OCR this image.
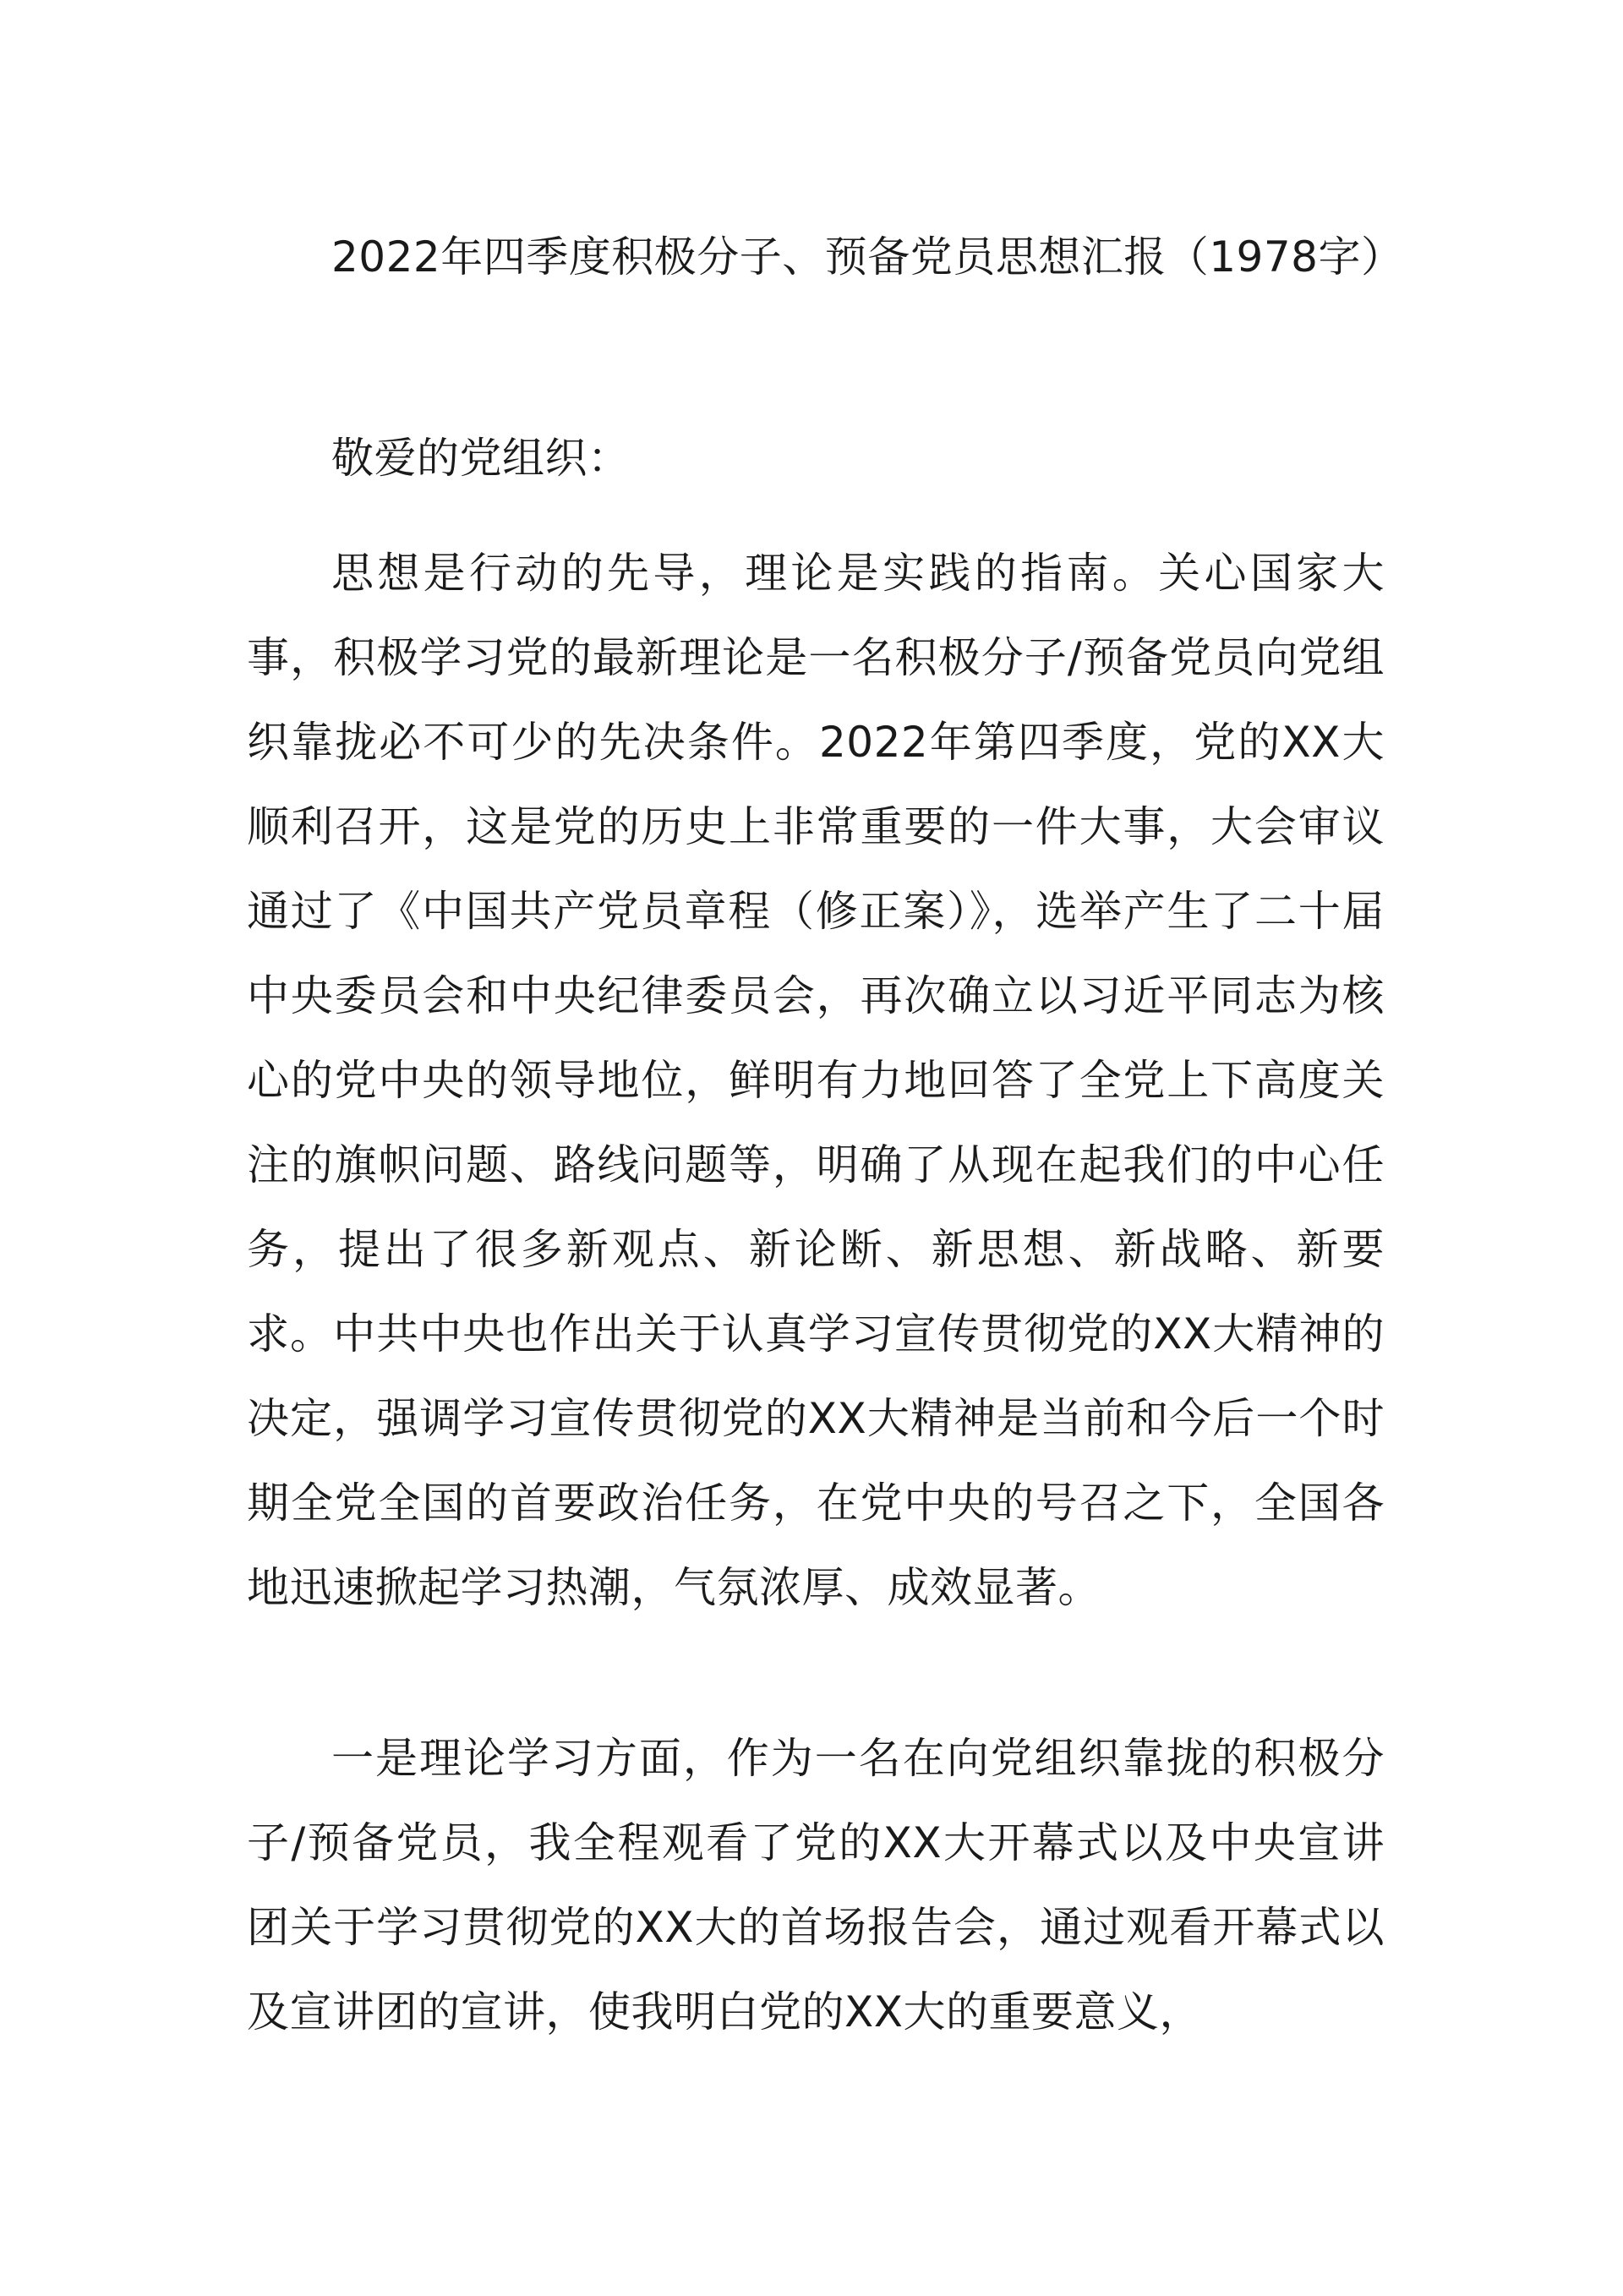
2022年四季度积极分子、预备党员思想汇报（1978字）

敬爱的党组织：

思想是行动的先导，理论是实践的指南。关心国家大事，积极学习党的最新理论是一名积极分子/预备党员向党组织靠拢必不可少的先决条件。2022年第四季度，党的XX大顺利召开，这是党的历史上非常重要的一件大事，大会审议通过了《中国共产党员章程（修正案）》，选举产生了二十届中央委员会和中央纪律委员会，再次确立以习近平同志为核心的党中央的领导地位，鲜明有力地回答了全党上下高度关注的旗帜问题、路线问题等，明确了从现在起我们的中心任务，提出了很多新观点、新论断、新思想、新战略、新要求。中共中央也作出关于认真学习宣传贯彻党的XX大精神的决定，强调学习宣传贯彻党的XX大精神是当前和今后一个时期全党全国的首要政治任务，在党中央的号召之下，全国各地迅速掀起学习热潮，气氛浓厚、成效显著。

一是理论学习方面，作为一名在向党组织靠拢的积极分子/预备党员，我全程观看了党的XX大开幕式以及中央宣讲团关于学习贯彻党的XX大的首场报告会，通过观看开幕式以及宣讲团的宣讲，使我明白党的XX大的重要意义，
